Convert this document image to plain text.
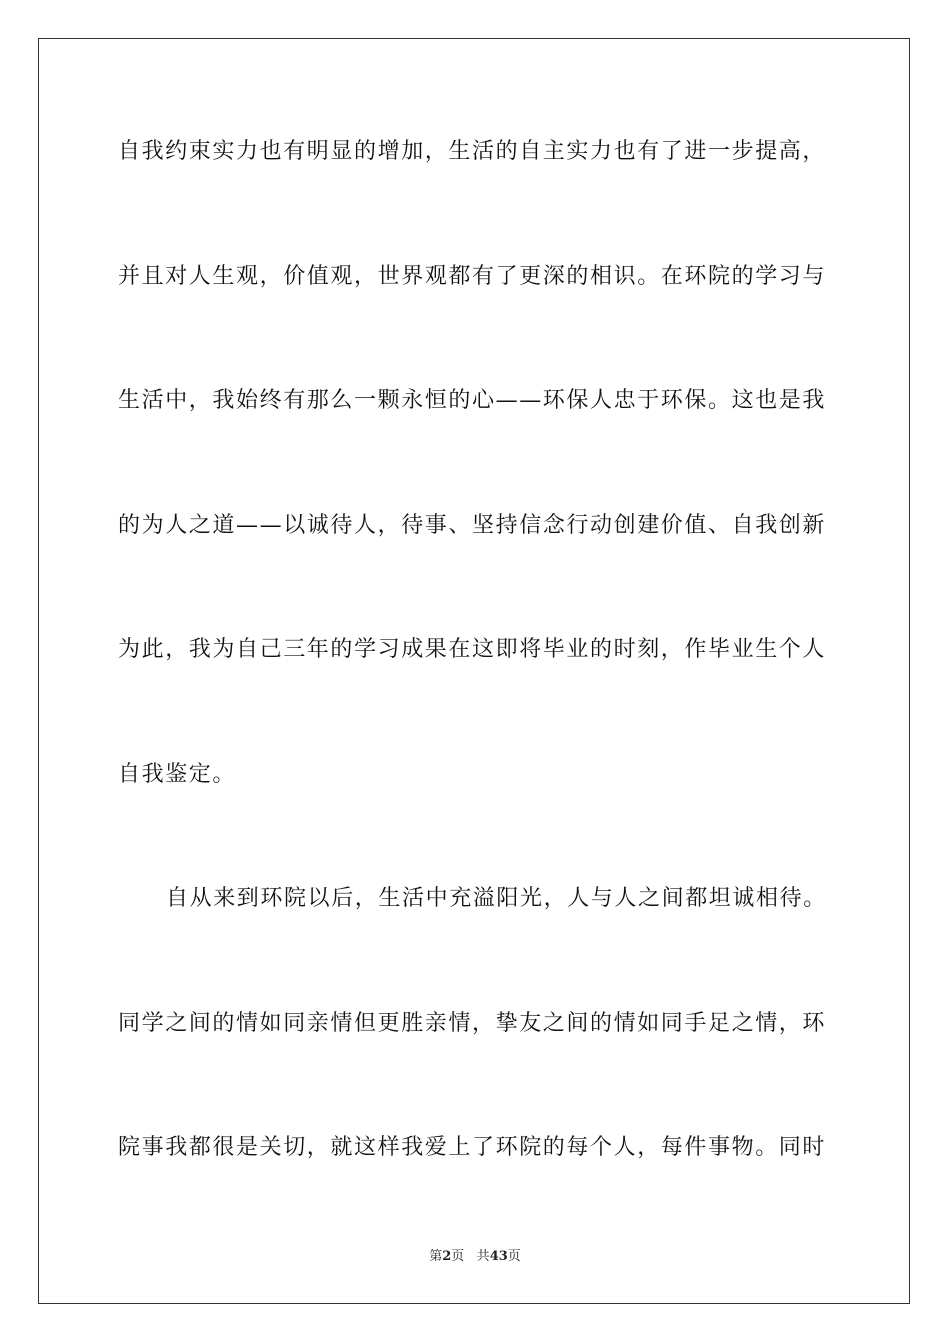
自我约束实力也有明显的增加，生活的自主实力也有了进一步提高，
并且对人生观，价值观，世界观都有了更深的相识。在环院的学习与
生活中，我始终有那么一颗永恒的心——环保人忠于环保。这也是我
的为人之道——以诚待人，待事、坚持信念行动创建价值、自我创新
为此，我为自己三年的学习成果在这即将毕业的时刻，作毕业生个人
自我鉴定。
自从来到环院以后，生活中充溢阳光，人与人之间都坦诚相待。
同学之间的情如同亲情但更胜亲情，挚友之间的情如同手足之情，环
院事我都很是关切，就这样我爱上了环院的每个人，每件事物。同时
第2页 共43页
